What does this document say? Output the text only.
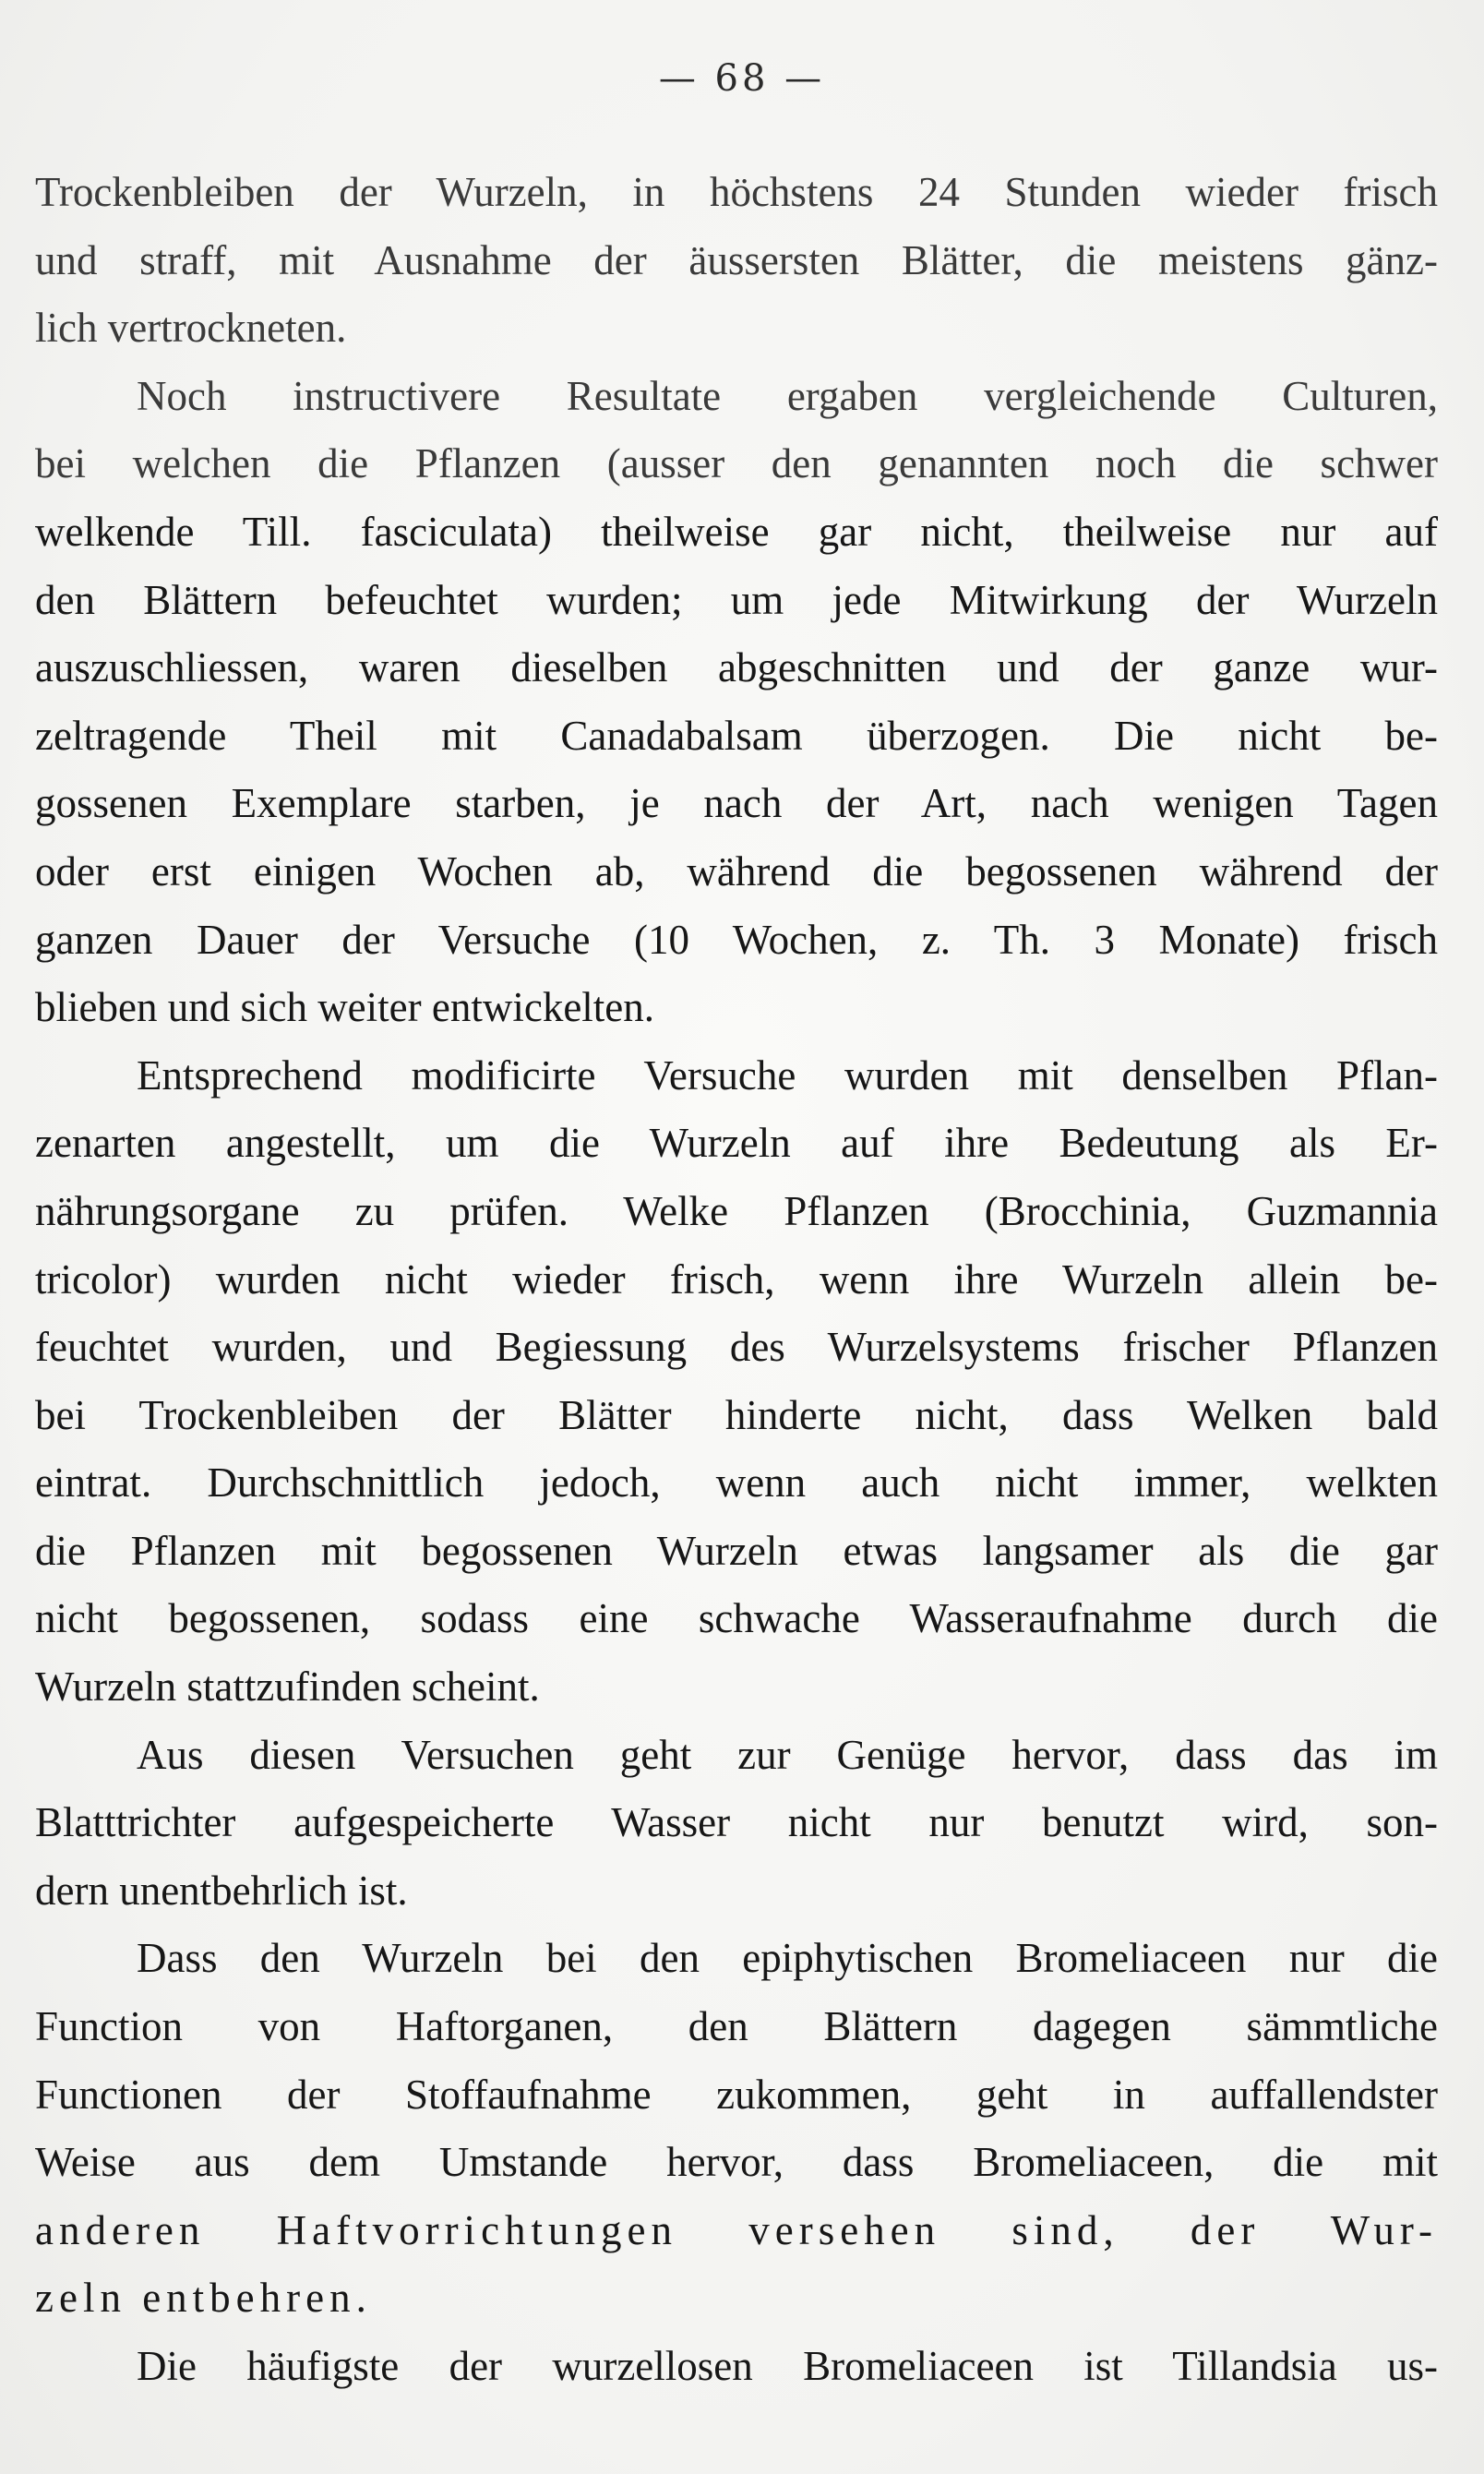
— 68 —
Trockenbleiben der Wurzeln, in höchstens 24 Stunden wieder frisch
und straff, mit Ausnahme der äussersten Blätter, die meistens gänz-
lich vertrockneten.
Noch instructivere Resultate ergaben vergleichende Culturen,
bei welchen die Pflanzen (ausser den genannten noch die schwer
welkende Till. fasciculata) theilweise gar nicht, theilweise nur auf
den Blättern befeuchtet wurden; um jede Mitwirkung der Wurzeln
auszuschliessen, waren dieselben abgeschnitten und der ganze wur-
zeltragende Theil mit Canadabalsam überzogen. Die nicht be-
gossenen Exemplare starben, je nach der Art, nach wenigen Tagen
oder erst einigen Wochen ab, während die begossenen während der
ganzen Dauer der Versuche (10 Wochen, z. Th. 3 Monate) frisch
blieben und sich weiter entwickelten.
Entsprechend modificirte Versuche wurden mit denselben Pflan-
zenarten angestellt, um die Wurzeln auf ihre Bedeutung als Er-
nährungsorgane zu prüfen. Welke Pflanzen (Brocchinia, Guzmannia
tricolor) wurden nicht wieder frisch, wenn ihre Wurzeln allein be-
feuchtet wurden, und Begiessung des Wurzelsystems frischer Pflanzen
bei Trockenbleiben der Blätter hinderte nicht, dass Welken bald
eintrat. Durchschnittlich jedoch, wenn auch nicht immer, welkten
die Pflanzen mit begossenen Wurzeln etwas langsamer als die gar
nicht begossenen, sodass eine schwache Wasseraufnahme durch die
Wurzeln stattzufinden scheint.
Aus diesen Versuchen geht zur Genüge hervor, dass das im
Blatttrichter aufgespeicherte Wasser nicht nur benutzt wird, son-
dern unentbehrlich ist.
Dass den Wurzeln bei den epiphytischen Bromeliaceen nur die
Function von Haftorganen, den Blättern dagegen sämmtliche
Functionen der Stoffaufnahme zukommen, geht in auffallendster
Weise aus dem Umstande hervor, dass Bromeliaceen, die mit
anderen Haftvorrichtungen versehen sind, der Wur-
zeln entbehren.
Die häufigste der wurzellosen Bromeliaceen ist Tillandsia us-
